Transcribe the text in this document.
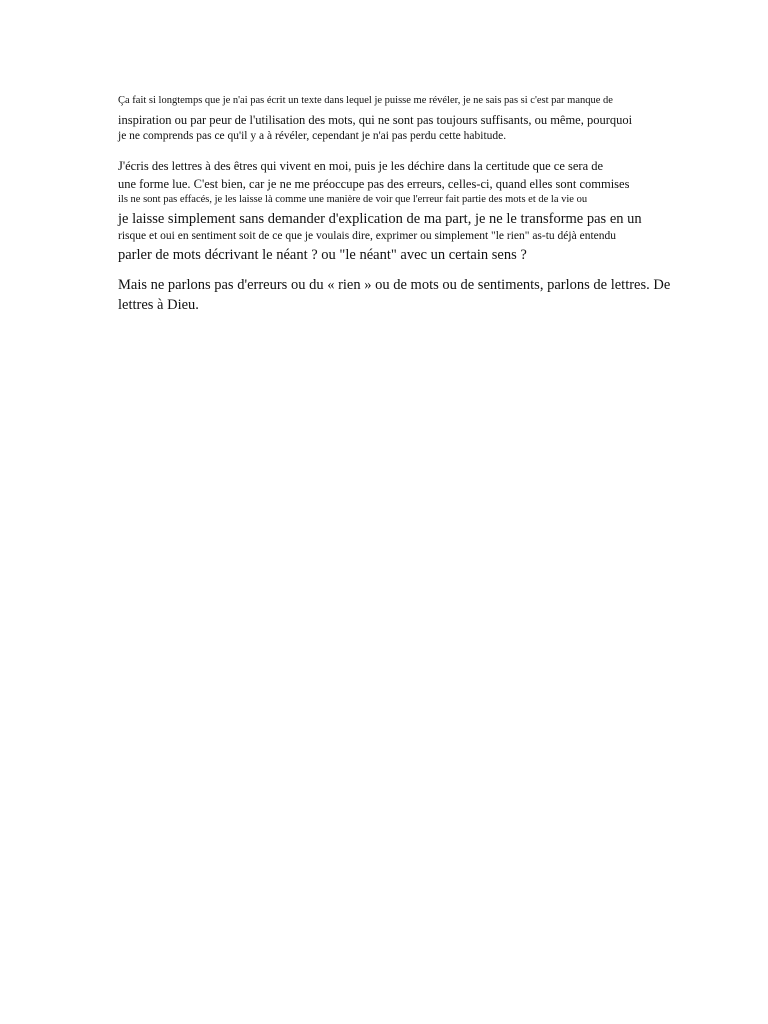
Ça fait si longtemps que je n'ai pas écrit un texte dans lequel je puisse me révéler, je ne sais pas si c'est par manque de
inspiration ou par peur de l'utilisation des mots, qui ne sont pas toujours suffisants, ou même, pourquoi
je ne comprends pas ce qu'il y a à révéler, cependant je n'ai pas perdu cette habitude.
J'écris des lettres à des êtres qui vivent en moi, puis je les déchire dans la certitude que ce sera de
une forme lue. C'est bien, car je ne me préoccupe pas des erreurs, celles-ci, quand elles sont commises
ils ne sont pas effacés, je les laisse là comme une manière de voir que l'erreur fait partie des mots et de la vie ou
je laisse simplement sans demander d'explication de ma part, je ne le transforme pas en un
risque et oui en sentiment soit de ce que je voulais dire, exprimer ou simplement "le rien" as-tu déjà entendu
parler de mots décrivant le néant ? ou "le néant" avec un certain sens ?
Mais ne parlons pas d'erreurs ou du « rien » ou de mots ou de sentiments, parlons de lettres. De
lettres à Dieu.
